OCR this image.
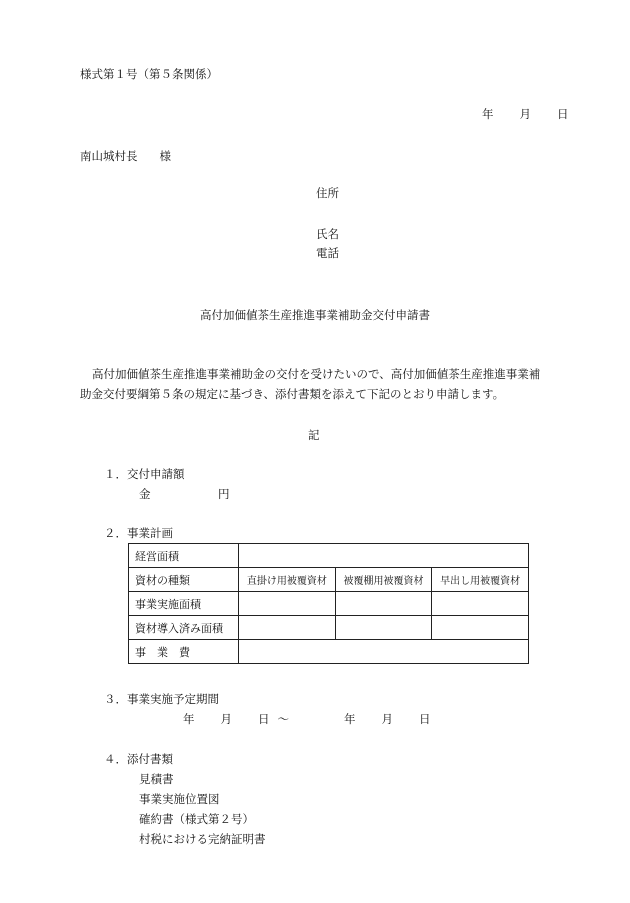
様式第１号（第５条関係）
年 月 日
南山城村長 様
住所
氏名
電話
高付加価値茶生産推進事業補助金交付申請書
高付加価値茶生産推進事業補助金の交付を受けたいので、高付加価値茶生産推進事業補
助金交付要綱第５条の規定に基づき、添付書類を添えて下記のとおり申請します。
記
１．交付申請額
金	円
２．事業計画
経営面積			
資材の種類	直掛け用被覆資材	被覆棚用被覆資材	早出し用被覆資材
事業実施面積			
資材導入済み面積			
事　業　費			
３．事業実施予定期間
年 月 日 ～	年 月 日
４．添付書類
見積書
事業実施位置図
確約書（様式第２号）
村税における完納証明書
